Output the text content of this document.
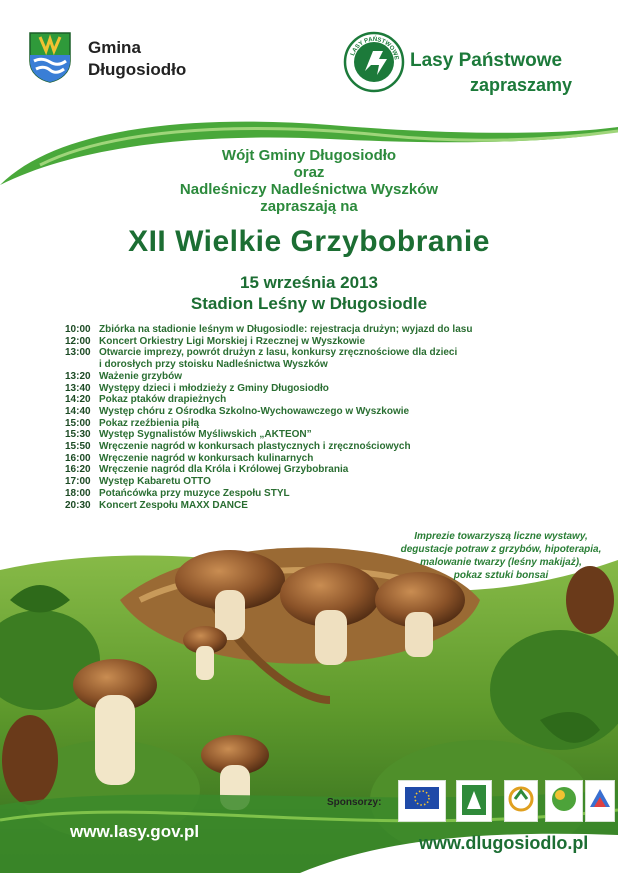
Gmina
Długosiodło
LASY PAŃSTWOWE Lasy Państwowe
zapraszamy
Wójt Gminy Długosiodło
oraz
Nadleśniczy Nadleśnictwa Wyszków
zapraszają na
XII Wielkie Grzybobranie
15 września 2013
Stadion Leśny w Długosiodle
10:00 Zbiórka na stadionie leśnym w Długosiodle: rejestracja drużyn; wyjazd do lasu
12:00 Koncert Orkiestry Ligi Morskiej i Rzecznej w Wyszkowie
13:00 Otwarcie imprezy, powrót drużyn z lasu, konkursy zręcznościowe dla dzieci
i dorosłych przy stoisku Nadleśnictwa Wyszków
13:20 Ważenie grzybów
13:40 Występy dzieci i młodzieży z Gminy Długosiodło
14:20 Pokaz ptaków drapieżnych
14:40 Występ chóru z Ośrodka Szkolno-Wychowawczego w Wyszkowie
15:00 Pokaz rzeźbienia piłą
15:30 Występ Sygnalistów Myśliwskich „AKTEON”
15:50 Wręczenie nagród w konkursach plastycznych i zręcznościowych
16:00 Wręczenie nagród w konkursach kulinarnych
16:20 Wręczenie nagród dla Króla i Królowej Grzybobrania
17:00 Występ Kabaretu OTTO
18:00 Potańcówka przy muzyce Zespołu STYL
20:30 Koncert Zespołu MAXX DANCE
Sponsorzy:
Imprezie towarzyszą liczne wystawy,
degustacje potraw z grzybów, hipoterapia,
malowanie twarzy (leśny makijaż),
pokaz sztuki bonsai
www.lasy.gov.pl
www.dlugosiodlo.pl
